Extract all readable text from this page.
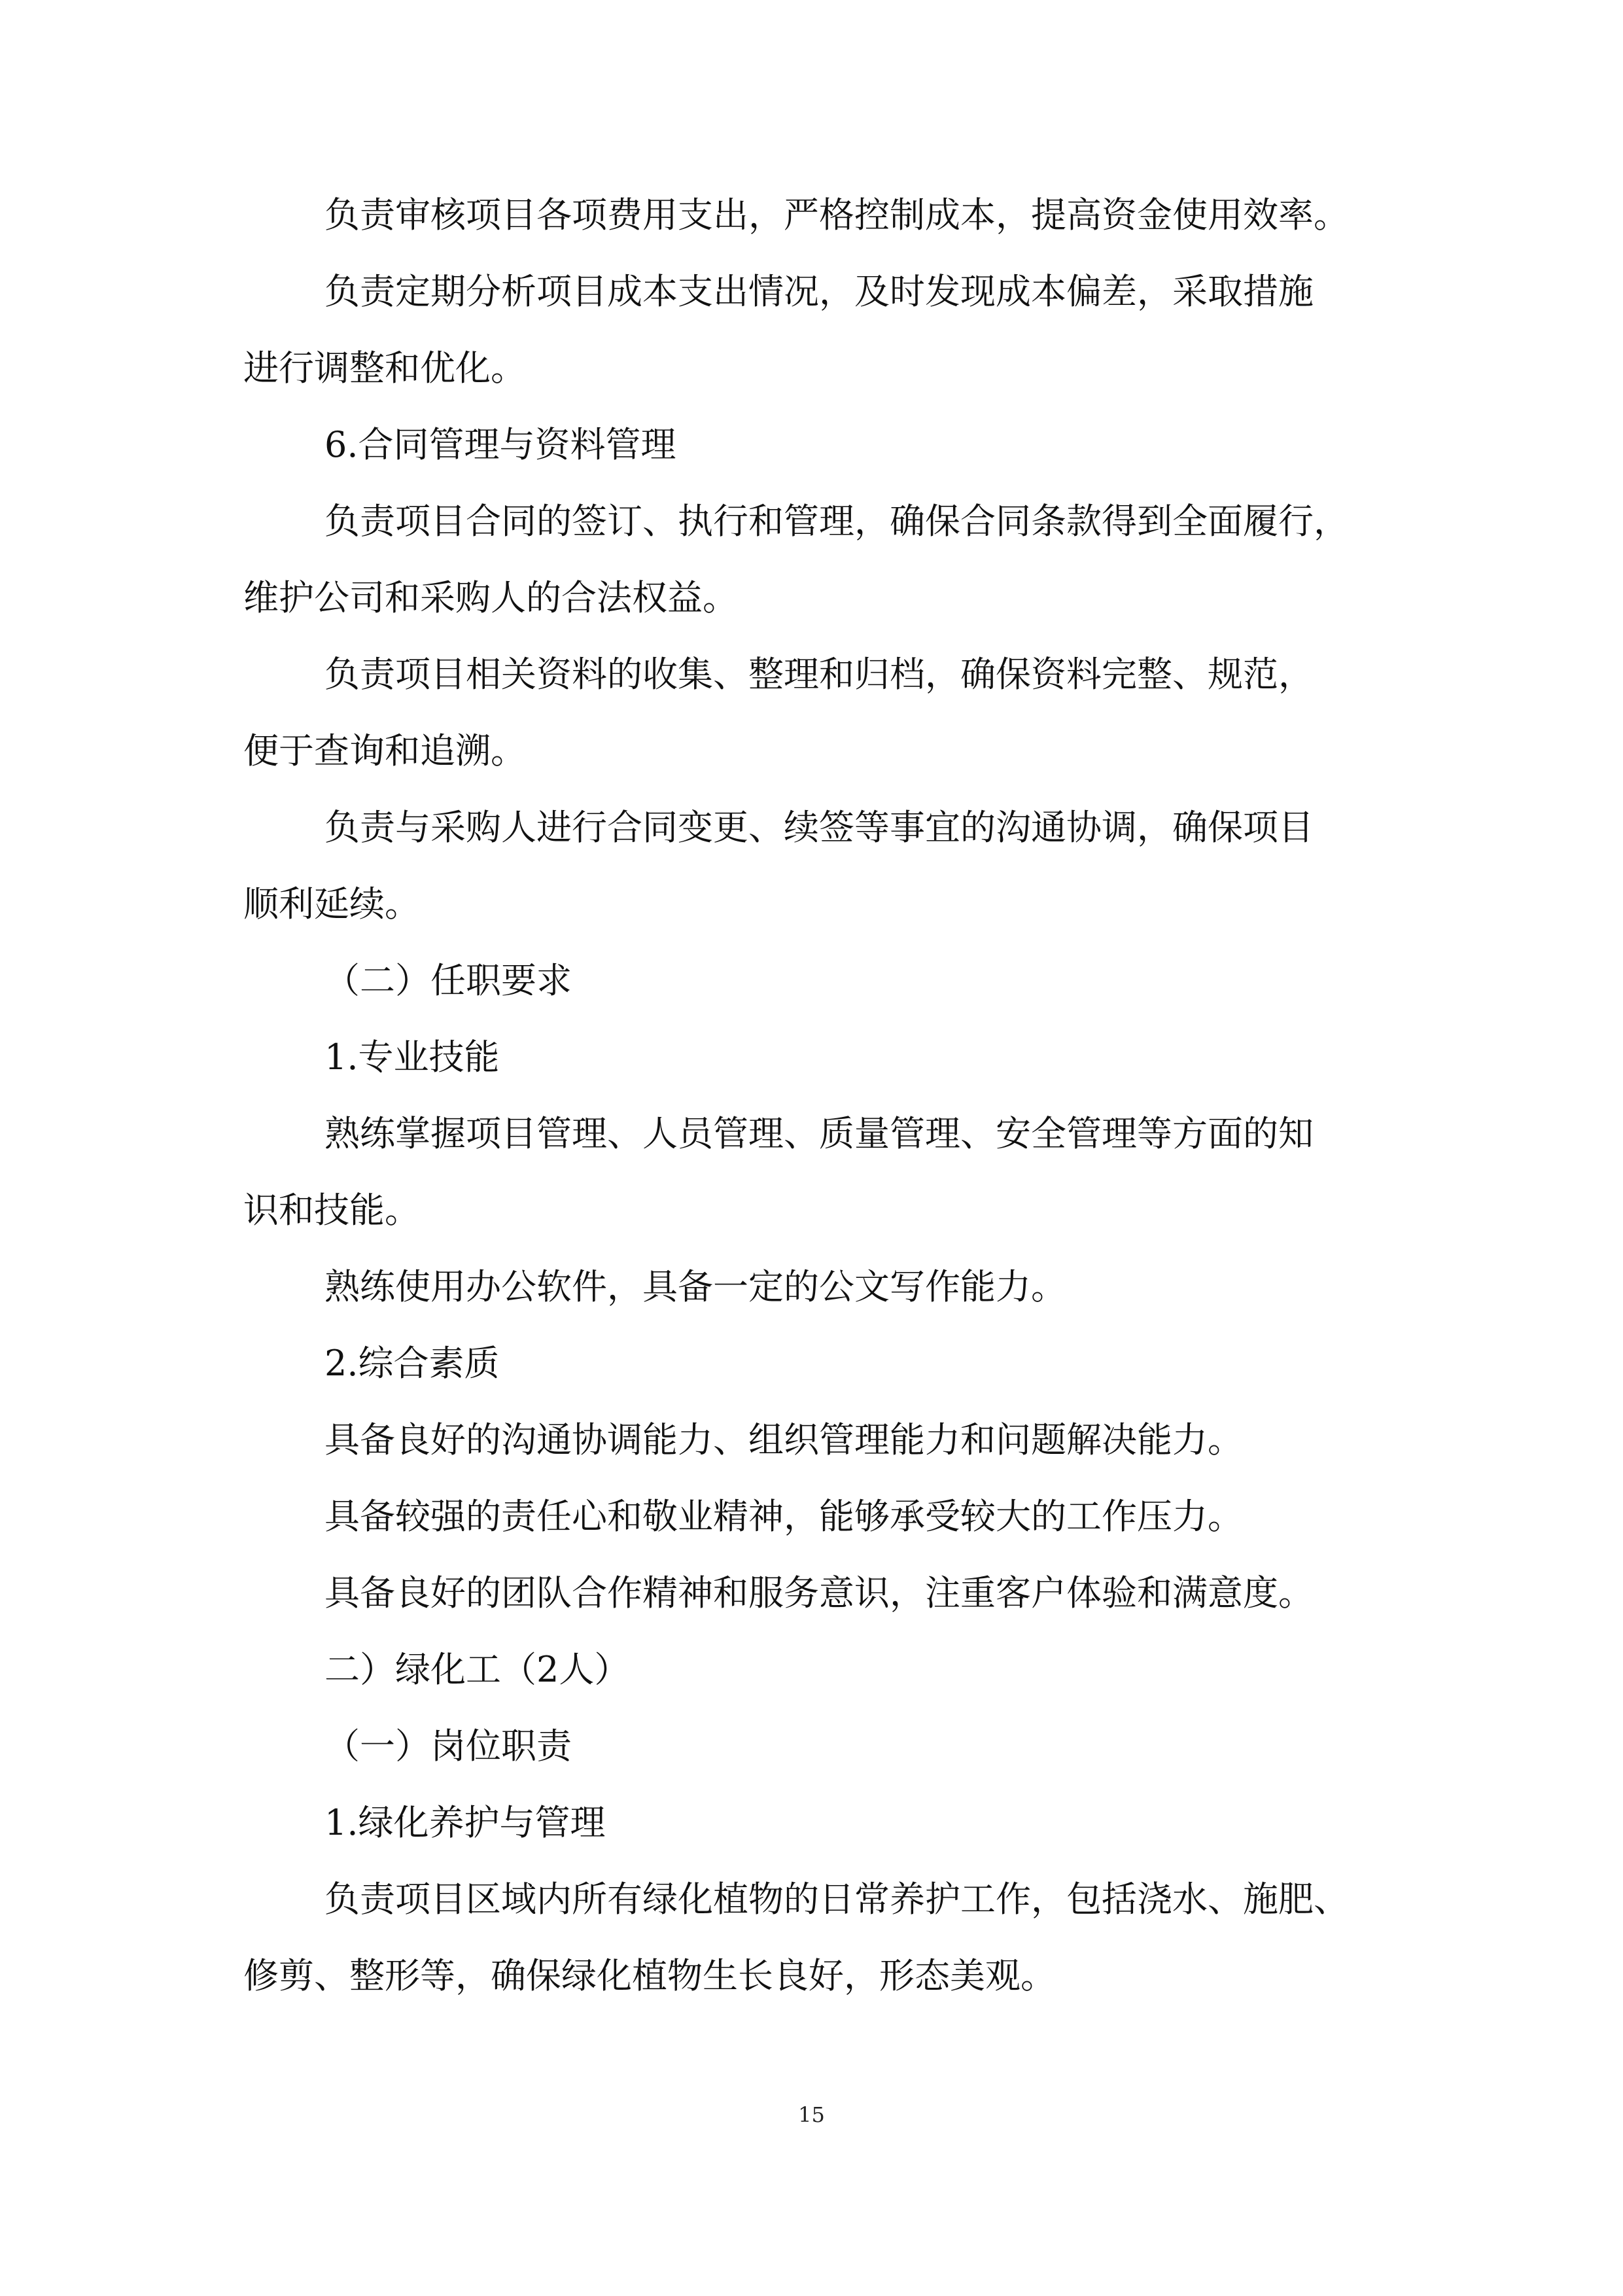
负责审核项目各项费用支出，严格控制成本，提高资金使用效率。
负责定期分析项目成本支出情况，及时发现成本偏差，采取措施
进行调整和优化。
6.合同管理与资料管理
负责项目合同的签订、执行和管理，确保合同条款得到全面履行，
维护公司和采购人的合法权益。
负责项目相关资料的收集、整理和归档，确保资料完整、规范，
便于查询和追溯。
负责与采购人进行合同变更、续签等事宜的沟通协调，确保项目
顺利延续。
（二）任职要求
1.专业技能
熟练掌握项目管理、人员管理、质量管理、安全管理等方面的知
识和技能。
熟练使用办公软件，具备一定的公文写作能力。
2.综合素质
具备良好的沟通协调能力、组织管理能力和问题解决能力。
具备较强的责任心和敬业精神，能够承受较大的工作压力。
具备良好的团队合作精神和服务意识，注重客户体验和满意度。
二）绿化工（2人）
（一）岗位职责
1.绿化养护与管理
负责项目区域内所有绿化植物的日常养护工作，包括浇水、施肥、
修剪、整形等，确保绿化植物生长良好，形态美观。
15
